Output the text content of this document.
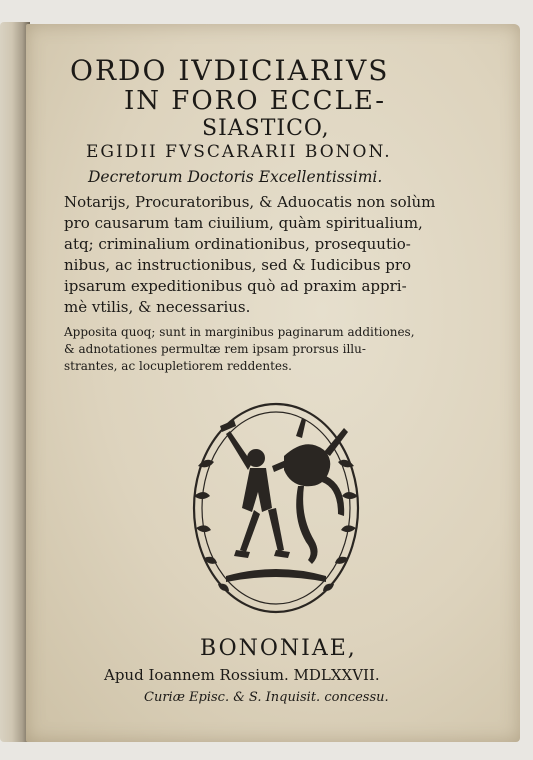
ORDO IVDICIARIVS
IN FORO ECCLE-
SIASTICO,
EGIDII FVSCARARII BONON.
Decretorum Doctoris Excellentissimi.
Notarijs, Procuratoribus, & Aduocatis non solùm
pro causarum tam ciuilium, quàm spiritualium,
atq; criminalium ordinationibus, prosequutio-
nibus, ac instructionibus, sed & Iudicibus pro
ipsarum expeditionibus quò ad praxim appri-
mè vtilis, & necessarius.
Apposita quoq; sunt in marginibus paginarum additiones,
& adnotationes permultæ rem ipsam prorsus illu-
strantes, ac locupletiorem reddentes.
BONONIAE,
Apud Ioannem Rossium. MDLXXVII.
Curiæ Episc. & S. Inquisit. concessu.
